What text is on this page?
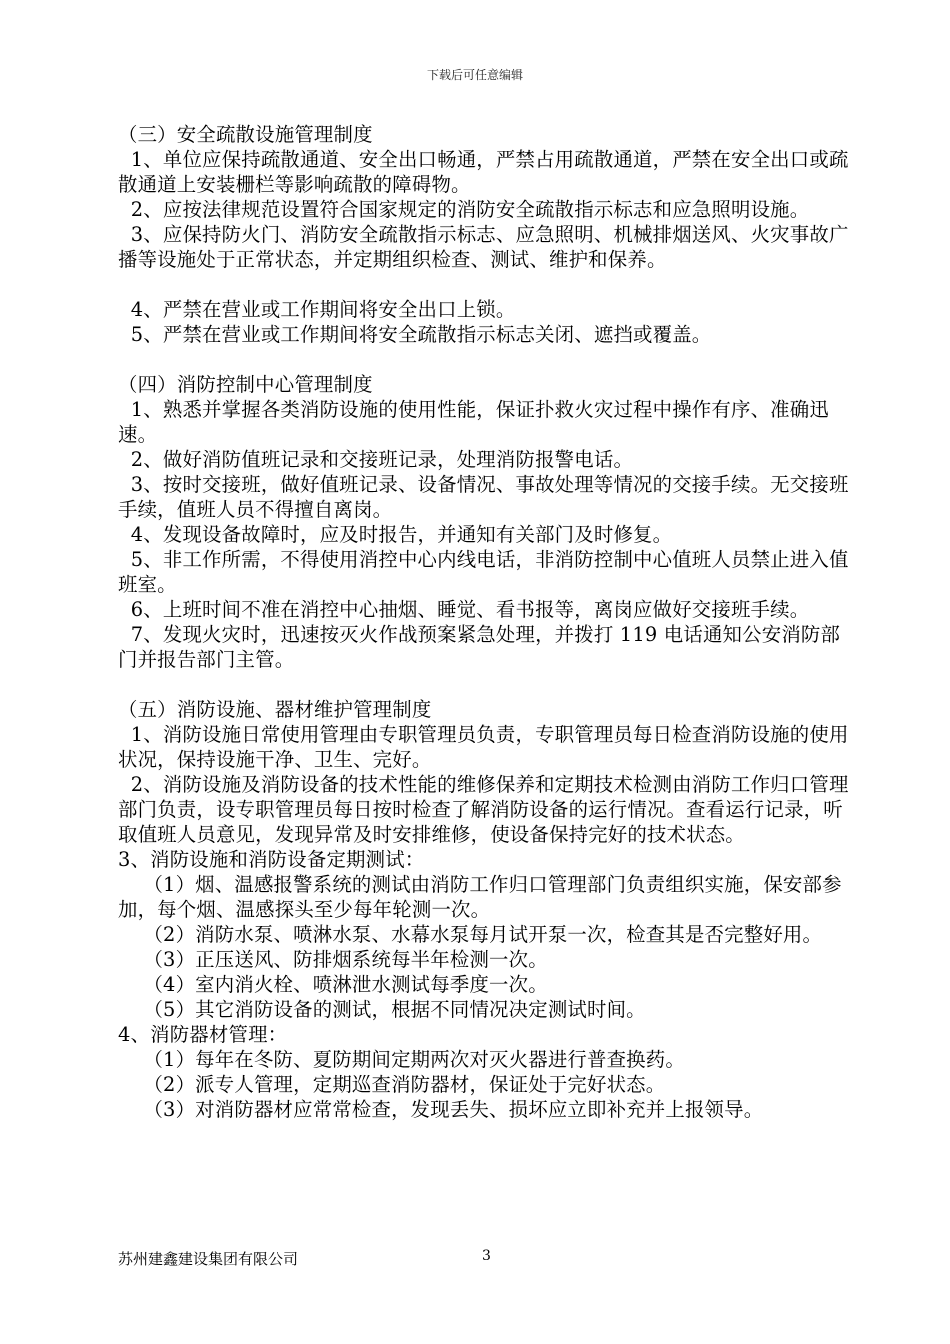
下载后可任意编辑

（三）安全疏散设施管理制度

1、单位应保持疏散通道、安全出口畅通，严禁占用疏散通道，严禁在安全出口或疏散通道上安装栅栏等影响疏散的障碍物。

2、应按法律规范设置符合国家规定的消防安全疏散指示标志和应急照明设施。

3、应保持防火门、消防安全疏散指示标志、应急照明、机械排烟送风、火灾事故广播等设施处于正常状态，并定期组织检查、测试、维护和保养。

4、严禁在营业或工作期间将安全出口上锁。

5、严禁在营业或工作期间将安全疏散指示标志关闭、遮挡或覆盖。

（四）消防控制中心管理制度

1、熟悉并掌握各类消防设施的使用性能，保证扑救火灾过程中操作有序、准确迅速。

2、做好消防值班记录和交接班记录，处理消防报警电话。

3、按时交接班，做好值班记录、设备情况、事故处理等情况的交接手续。无交接班手续，值班人员不得擅自离岗。

4、发现设备故障时，应及时报告，并通知有关部门及时修复。

5、非工作所需，不得使用消控中心内线电话，非消防控制中心值班人员禁止进入值班室。

6、上班时间不准在消控中心抽烟、睡觉、看书报等，离岗应做好交接班手续。

7、发现火灾时，迅速按灭火作战预案紧急处理，并拨打 119 电话通知公安消防部门并报告部门主管。

（五）消防设施、器材维护管理制度

1、消防设施日常使用管理由专职管理员负责，专职管理员每日检查消防设施的使用状况，保持设施干净、卫生、完好。

2、消防设施及消防设备的技术性能的维修保养和定期技术检测由消防工作归口管理部门负责，设专职管理员每日按时检查了解消防设备的运行情况。查看运行记录，听取值班人员意见，发现异常及时安排维修，使设备保持完好的技术状态。

3、消防设施和消防设备定期测试：

（1）烟、温感报警系统的测试由消防工作归口管理部门负责组织实施，保安部参加，每个烟、温感探头至少每年轮测一次。

（2）消防水泵、喷淋水泵、水幕水泵每月试开泵一次，检查其是否完整好用。

（3）正压送风、防排烟系统每半年检测一次。

（4）室内消火栓、喷淋泄水测试每季度一次。

（5）其它消防设备的测试，根据不同情况决定测试时间。

4、消防器材管理：

（1）每年在冬防、夏防期间定期两次对灭火器进行普查换药。

（2）派专人管理，定期巡查消防器材，保证处于完好状态。

（3）对消防器材应常常检查，发现丢失、损坏应立即补充并上报领导。

苏州建鑫建设集团有限公司	3
